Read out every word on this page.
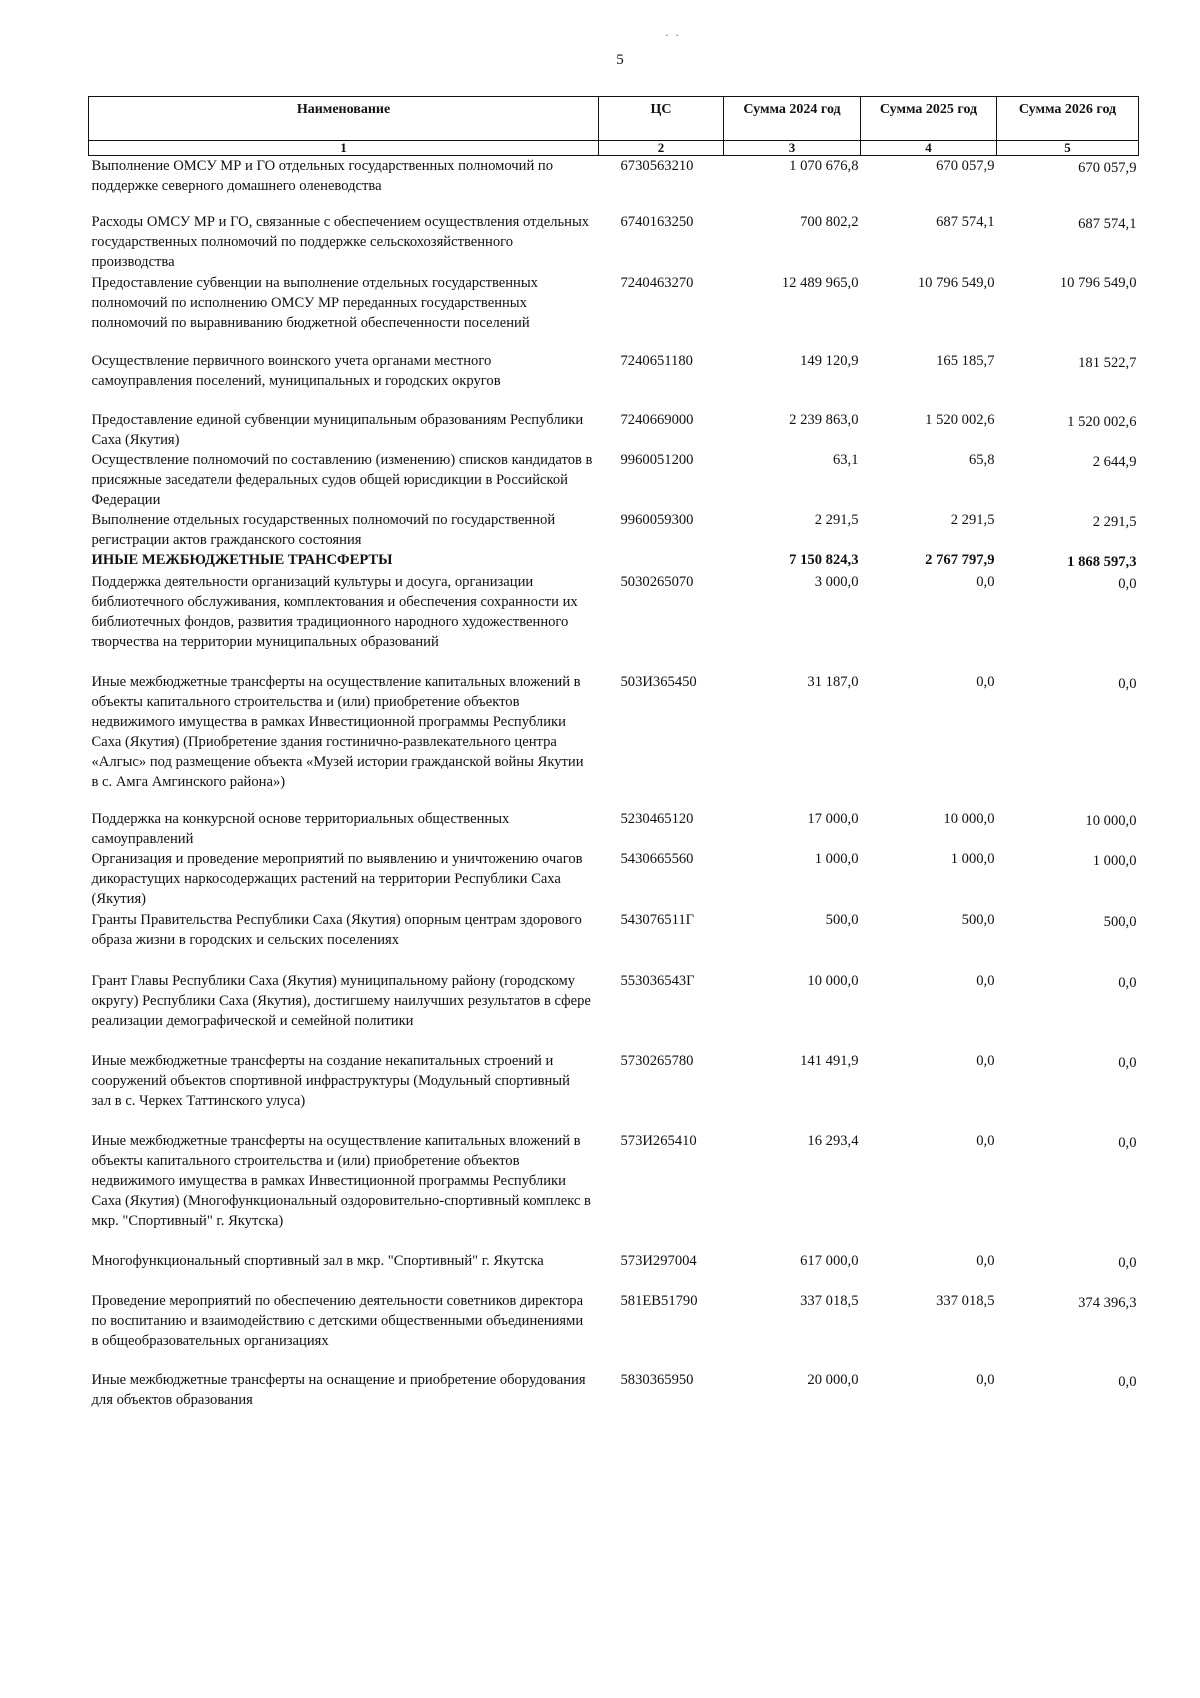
· ·
5
Наименование	ЦС	Сумма 2024 год	Сумма 2025 год	Сумма 2026 год
1	2	3	4	5
Выполнение ОМСУ МР и ГО отдельных государственных полномочий по поддержке северного домашнего оленеводства	6730563210	1 070 676,8	670 057,9	670 057,9
Расходы ОМСУ МР и ГО, связанные с обеспечением осуществления отдельных государственных полномочий по поддержке сельскохозяйственного производства	6740163250	700 802,2	687 574,1	687 574,1
Предоставление субвенции на выполнение отдельных государственных полномочий по исполнению ОМСУ МР переданных государственных полномочий по выравниванию бюджетной обеспеченности поселений	7240463270	12 489 965,0	10 796 549,0	10 796 549,0
Осуществление первичного воинского учета органами местного самоуправления поселений, муниципальных и городских округов	7240651180	149 120,9	165 185,7	181 522,7
Предоставление единой субвенции муниципальным образованиям Республики Саха (Якутия)	7240669000	2 239 863,0	1 520 002,6	1 520 002,6
Осуществление полномочий по составлению (изменению) списков кандидатов в присяжные заседатели федеральных судов общей юрисдикции в Российской Федерации	9960051200	63,1	65,8	2 644,9
Выполнение отдельных государственных полномочий по государственной регистрации актов гражданского состояния	9960059300	2 291,5	2 291,5	2 291,5
ИНЫЕ МЕЖБЮДЖЕТНЫЕ ТРАНСФЕРТЫ		7 150 824,3	2 767 797,9	1 868 597,3
Поддержка деятельности организаций культуры и досуга, организации библиотечного обслуживания, комплектования и обеспечения сохранности их библиотечных фондов, развития традиционного народного художественного творчества на территории муниципальных образований	5030265070	3 000,0	0,0	0,0
Иные межбюджетные трансферты на осуществление капитальных вложений в объекты капитального строительства и (или) приобретение объектов недвижимого имущества в рамках Инвестиционной программы Республики Саха (Якутия) (Приобретение здания гостинично-развлекательного центра «Алгыс» под размещение объекта «Музей истории гражданской войны Якутии в с. Амга Амгинского района»)	503И365450	31 187,0	0,0	0,0
Поддержка на конкурсной основе территориальных общественных самоуправлений	5230465120	17 000,0	10 000,0	10 000,0
Организация и проведение мероприятий по выявлению и уничтожению очагов дикорастущих наркосодержащих растений на территории Республики Саха (Якутия)	5430665560	1 000,0	1 000,0	1 000,0
Гранты Правительства Республики Саха (Якутия) опорным центрам здорового образа жизни в городских и сельских поселениях	543076511Г	500,0	500,0	500,0
Грант Главы Республики Саха (Якутия) муниципальному району (городскому округу) Республики Саха (Якутия), достигшему наилучших результатов в сфере реализации демографической и семейной политики	553036543Г	10 000,0	0,0	0,0
Иные межбюджетные трансферты на создание некапитальных строений и сооружений объектов спортивной инфраструктуры (Модульный спортивный зал в с. Черкех Таттинского улуса)	5730265780	141 491,9	0,0	0,0
Иные межбюджетные трансферты на осуществление капитальных вложений в объекты капитального строительства и (или) приобретение объектов недвижимого имущества в рамках Инвестиционной программы Республики Саха (Якутия) (Многофункциональный оздоровительно-спортивный комплекс в мкр. "Спортивный" г. Якутска)	573И265410	16 293,4	0,0	0,0
Многофункциональный спортивный зал в мкр. "Спортивный" г. Якутска	573И297004	617 000,0	0,0	0,0
Проведение мероприятий по обеспечению деятельности советников директора по воспитанию и взаимодействию с детскими общественными объединениями в общеобразовательных организациях	581ЕВ51790	337 018,5	337 018,5	374 396,3
Иные межбюджетные трансферты на оснащение и приобретение оборудования для объектов образования	5830365950	20 000,0	0,0	0,0
